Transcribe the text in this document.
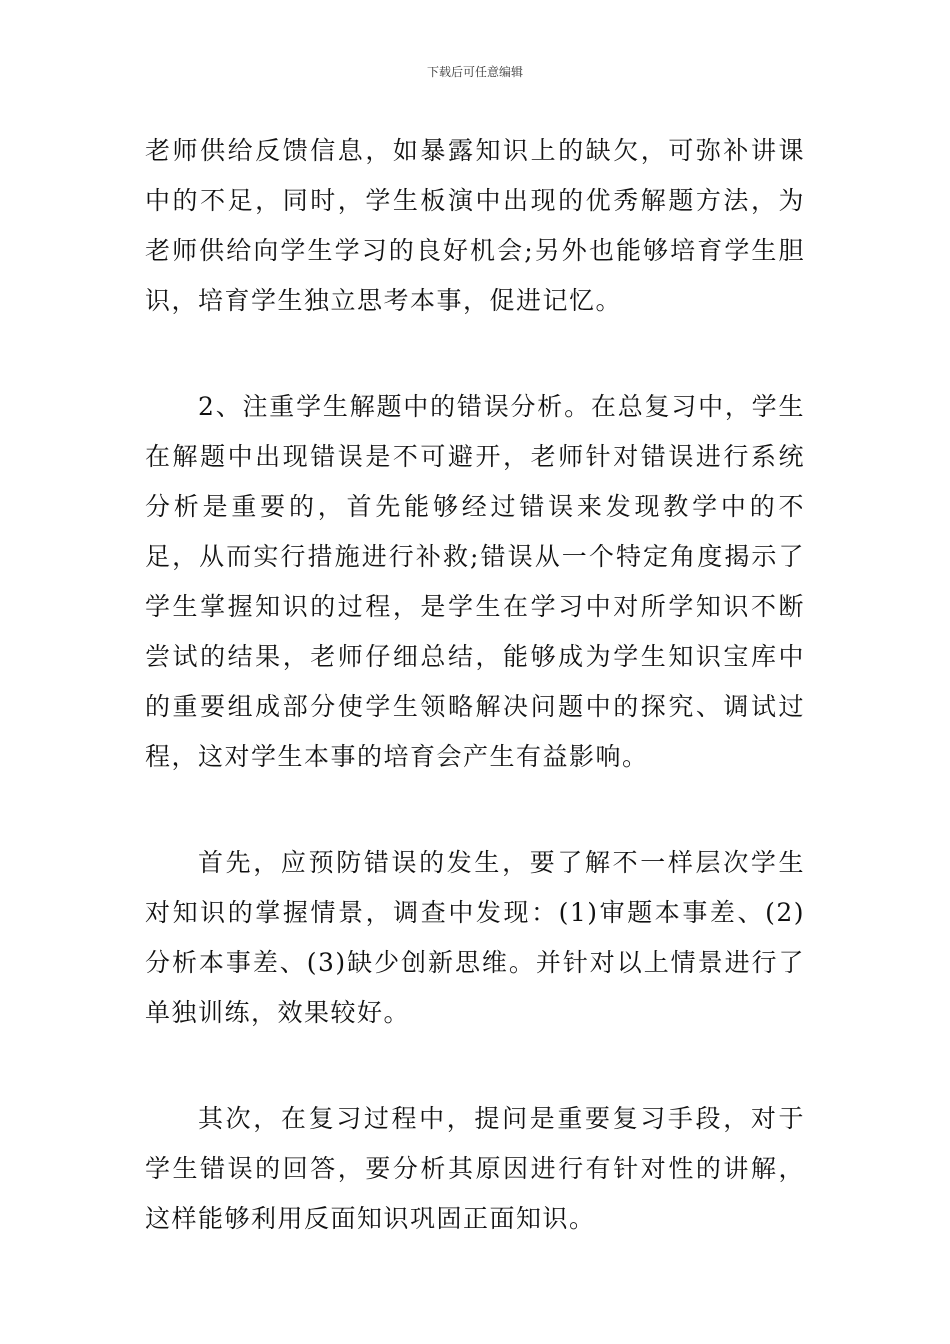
下载后可任意编辑

老师供给反馈信息，如暴露知识上的缺欠，可弥补讲课中的不足，同时，学生板演中出现的优秀解题方法，为老师供给向学生学习的良好机会;另外也能够培育学生胆识，培育学生独立思考本事，促进记忆。

2、注重学生解题中的错误分析。在总复习中，学生在解题中出现错误是不可避开，老师针对错误进行系统分析是重要的，首先能够经过错误来发现教学中的不足，从而实行措施进行补救;错误从一个特定角度揭示了学生掌握知识的过程，是学生在学习中对所学知识不断尝试的结果，老师仔细总结，能够成为学生知识宝库中的重要组成部分使学生领略解决问题中的探究、调试过程，这对学生本事的培育会产生有益影响。

首先，应预防错误的发生，要了解不一样层次学生对知识的掌握情景，调查中发现：(1)审题本事差、(2)分析本事差、(3)缺少创新思维。并针对以上情景进行了单独训练，效果较好。

其次，在复习过程中，提问是重要复习手段，对于学生错误的回答，要分析其原因进行有针对性的讲解，这样能够利用反面知识巩固正面知识。
